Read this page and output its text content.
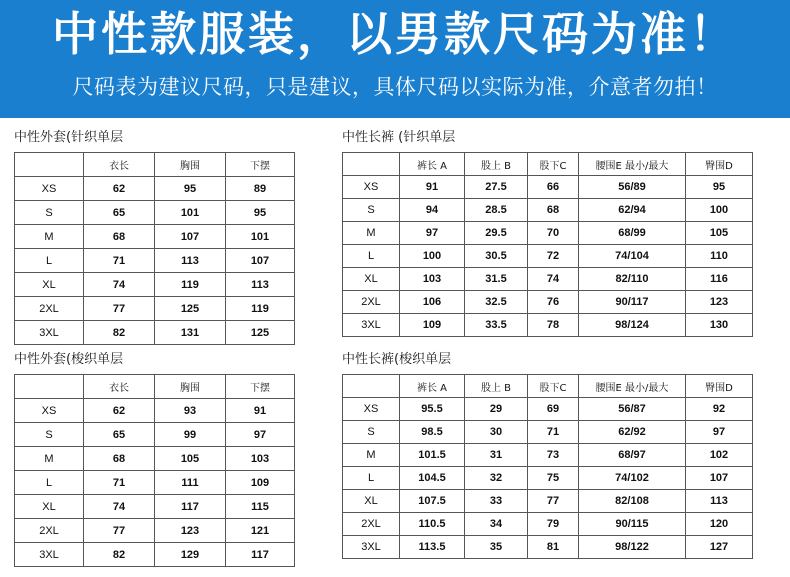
中性款服装，以男款尺码为准！
尺码表为建议尺码，只是建议，具体尺码以实际为准，介意者勿拍！
中性外套(针织单层
	衣长	胸围	下摆
XS	62	95	89
S	65	101	95
M	68	107	101
L	71	113	107
XL	74	119	113
2XL	77	125	119
3XL	82	131	125
中性长裤 (针织单层
	裤长 A	股上 B	股下C	腰围E 最小/最大	臀围D
XS	91	27.5	66	56/89	95
S	94	28.5	68	62/94	100
M	97	29.5	70	68/99	105
L	100	30.5	72	74/104	110
XL	103	31.5	74	82/110	116
2XL	106	32.5	76	90/117	123
3XL	109	33.5	78	98/124	130
中性外套(梭织单层
	衣长	胸围	下摆
XS	62	93	91
S	65	99	97
M	68	105	103
L	71	111	109
XL	74	117	115
2XL	77	123	121
3XL	82	129	117
中性长裤(梭织单层
	裤长 A	股上 B	股下C	腰围E 最小/最大	臀围D
XS	95.5	29	69	56/87	92
S	98.5	30	71	62/92	97
M	101.5	31	73	68/97	102
L	104.5	32	75	74/102	107
XL	107.5	33	77	82/108	113
2XL	110.5	34	79	90/115	120
3XL	113.5	35	81	98/122	127
